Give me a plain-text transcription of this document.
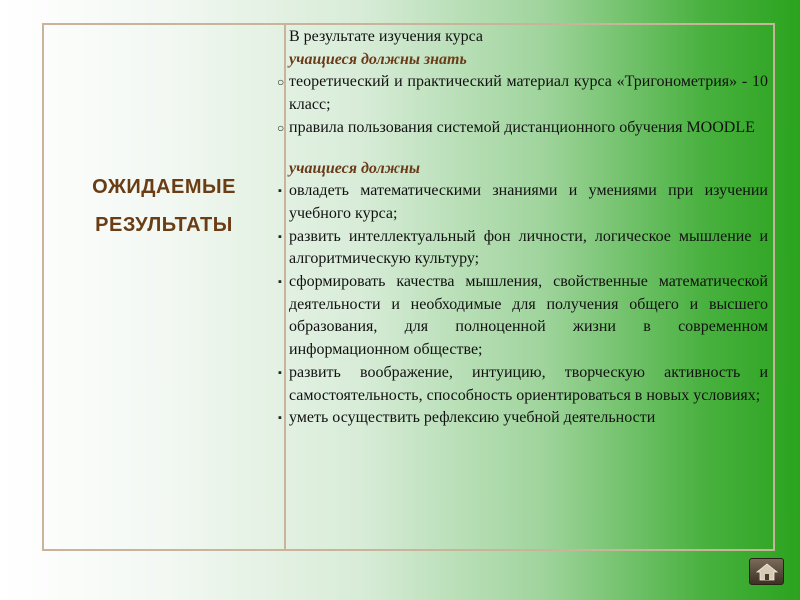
ОЖИДАЕМЫЕ
РЕЗУЛЬТАТЫ
В результате изучения курса
учащиеся должны знать
○ теоретический и практический материал курса «Тригонометрия» - 10 класс;
○ правила пользования системой дистанционного обучения MOODLE
учащиеся должны
▪ овладеть математическими знаниями и умениями при изучении учебного курса;
▪ развить интеллектуальный фон личности, логическое мышление и алгоритмическую культуру;
▪ сформировать качества мышления, свойственные математической деятельности и необходимые для получения общего и высшего образования, для полноценной жизни в современном информационном обществе;
▪ развить воображение, интуицию, творческую активность и самостоятельность, способность ориентироваться в новых условиях;
▪ уметь осуществить рефлексию учебной деятельности
